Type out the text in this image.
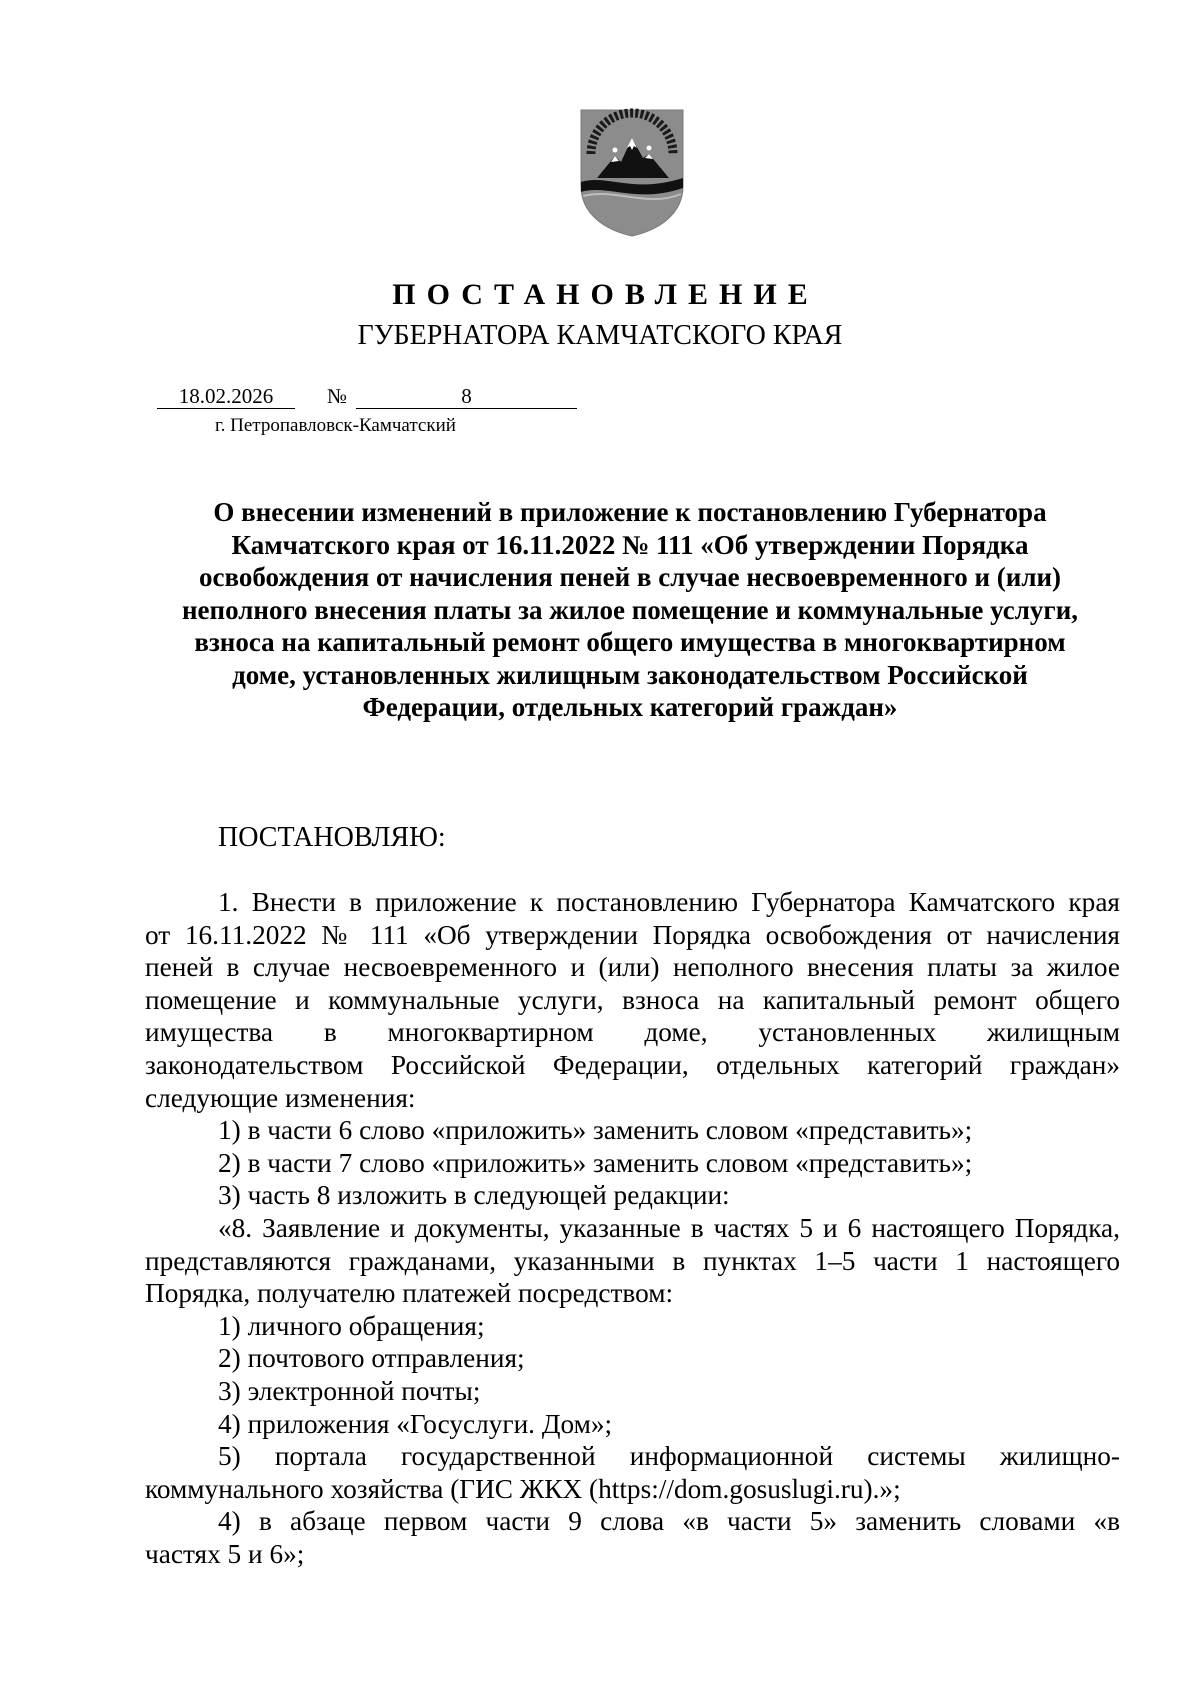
ПОСТАНОВЛЕНИЕ
ГУБЕРНАТОРА КАМЧАТСКОГО КРАЯ
18.02.2026	№	8
г. Петропавловск-Камчатский

О внесении изменений в приложение к постановлению Губернатора

Камчатского края от 16.11.2022 № 111 «Об утверждении Порядка

освобождения от начисления пеней в случае несвоевременного и (или)

неполного внесения платы за жилое помещение и коммунальные услуги,

взноса на капитальный ремонт общего имущества в многоквартирном

доме, установленных жилищным законодательством Российской

Федерации, отдельных категорий граждан»

ПОСТАНОВЛЯЮ:

1. Внести в приложение к постановлению Губернатора Камчатского края

от 16.11.2022 № 111 «Об утверждении Порядка освобождения от начисления

пеней в случае несвоевременного и (или) неполного внесения платы за жилое

помещение и коммунальные услуги, взноса на капитальный ремонт общего

имущества в многоквартирном доме, установленных жилищным

законодательством Российской Федерации, отдельных категорий граждан»

следующие изменения:

1) в части 6 слово «приложить» заменить словом «представить»;

2) в части 7 слово «приложить» заменить словом «представить»;

3) часть 8 изложить в следующей редакции:

«8. Заявление и документы, указанные в частях 5 и 6 настоящего Порядка,

представляются гражданами, указанными в пунктах 1–5 части 1 настоящего

Порядка, получателю платежей посредством:

1) личного обращения;

2) почтового отправления;

3) электронной почты;

4) приложения «Госуслуги. Дом»;

5) портала государственной информационной системы жилищно-

коммунального хозяйства (ГИС ЖКХ (https://dom.gosuslugi.ru).»;

4) в абзаце первом части 9 слова «в части 5» заменить словами «в

частях 5 и 6»;
